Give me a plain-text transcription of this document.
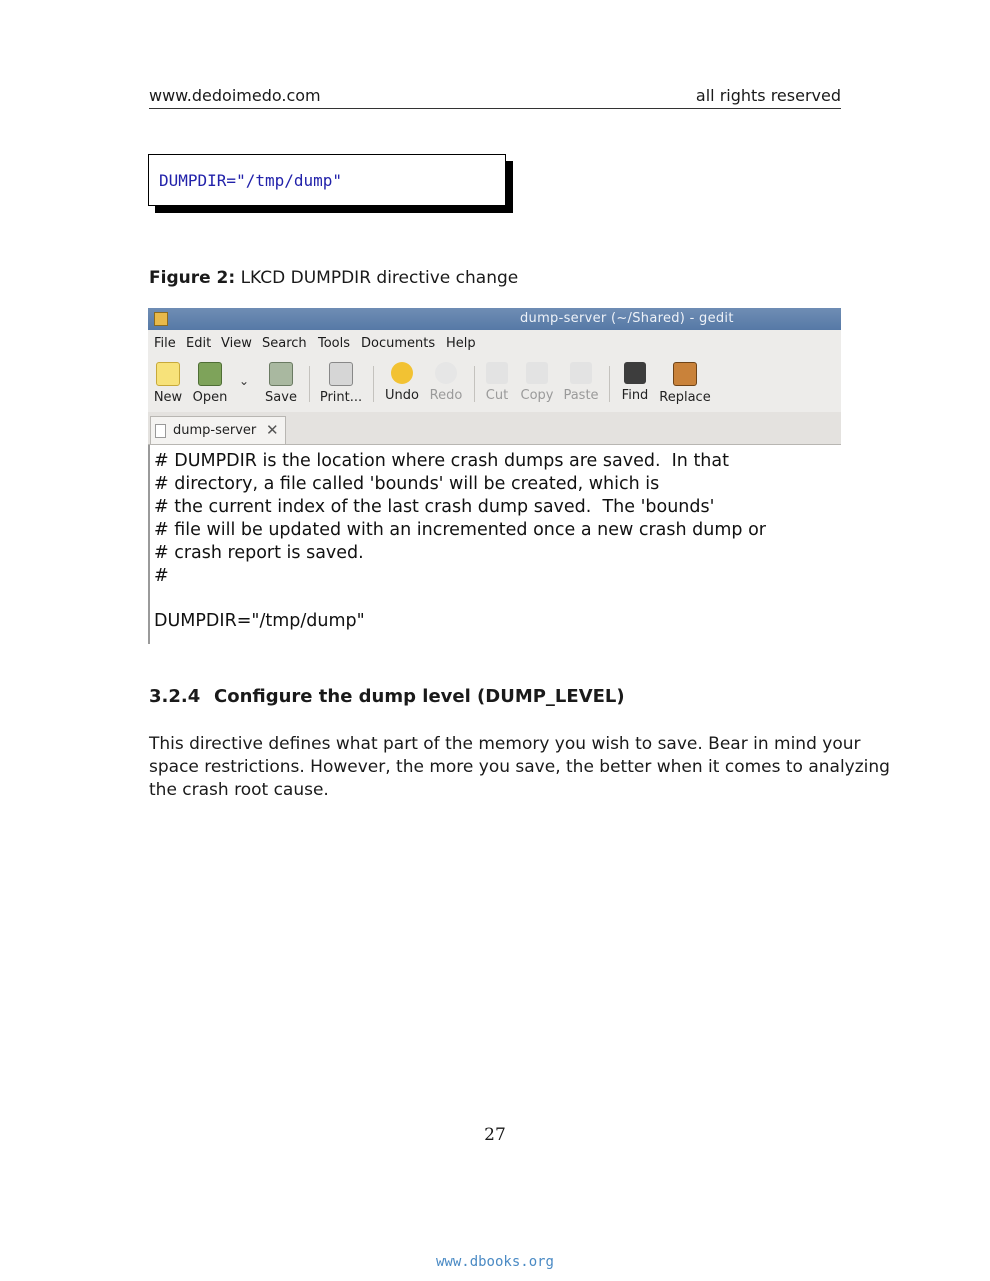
www.dedoimedo.com	all rights reserved
DUMPDIR="/tmp/dump"
Figure 2: LKCD DUMPDIR directive change
dump-server (~/Shared) - gedit
File Edit View Search Tools Documents Help
New Open
⌄
Save	Print...	Undo Redo	Cut Copy Paste	Find Replace
dump-server ✕
# DUMPDIR is the location where crash dumps are saved.  In that
# directory, a file called 'bounds' will be created, which is
# the current index of the last crash dump saved.  The 'bounds'
# file will be updated with an incremented once a new crash dump or
# crash report is saved.
#
DUMPDIR="/tmp/dump"
3.2.4 Configure the dump level (DUMP_LEVEL)
This directive defines what part of the memory you wish to save. Bear in mind your
space restrictions. However, the more you save, the better when it comes to analyzing
the crash root cause.
27
www.dbooks.org
